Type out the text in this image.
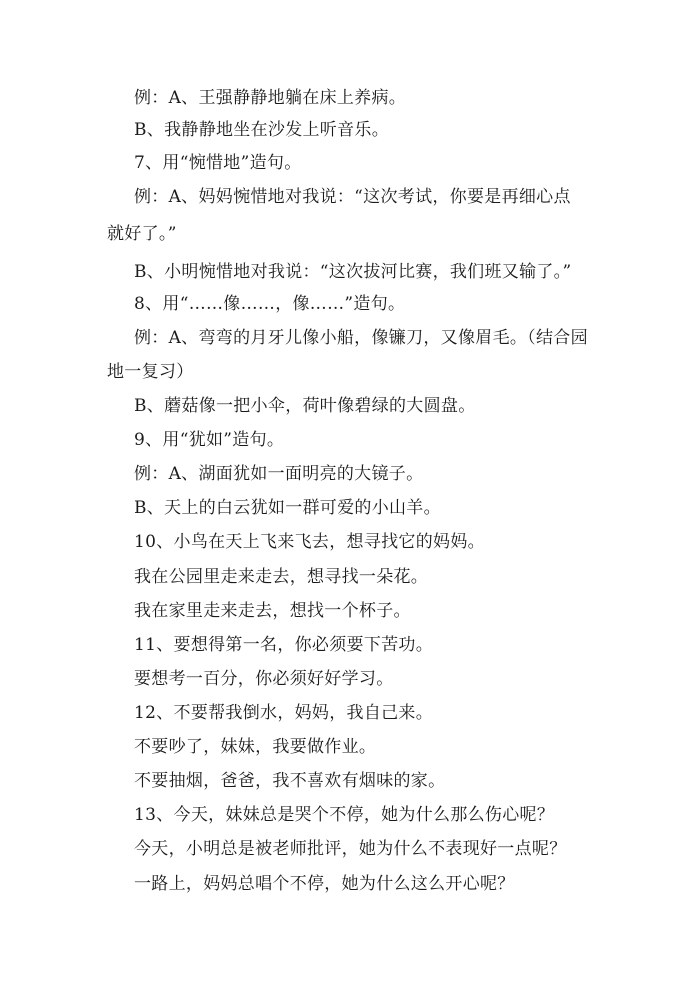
例：A、王强静静地躺在床上养病。
B、我静静地坐在沙发上听音乐。
7、用“惋惜地”造句。
例：A、妈妈惋惜地对我说：“这次考试，你要是再细心点
就好了。”
B、小明惋惜地对我说：“这次拔河比赛，我们班又输了。”
8、用“……像……，像……”造句。
例：A、弯弯的月牙儿像小船，像镰刀，又像眉毛。（结合园
地一复习）
B、蘑菇像一把小伞，荷叶像碧绿的大圆盘。
9、用“犹如”造句。
例：A、湖面犹如一面明亮的大镜子。
B、天上的白云犹如一群可爱的小山羊。
10、小鸟在天上飞来飞去，想寻找它的妈妈。
我在公园里走来走去，想寻找一朵花。
我在家里走来走去，想找一个杯子。
11、要想得第一名，你必须要下苦功。
要想考一百分，你必须好好学习。
12、不要帮我倒水，妈妈，我自己来。
不要吵了，妹妹，我要做作业。
不要抽烟，爸爸，我不喜欢有烟味的家。
13、今天，妹妹总是哭个不停，她为什么那么伤心呢？
今天，小明总是被老师批评，她为什么不表现好一点呢？
一路上，妈妈总唱个不停，她为什么这么开心呢？
